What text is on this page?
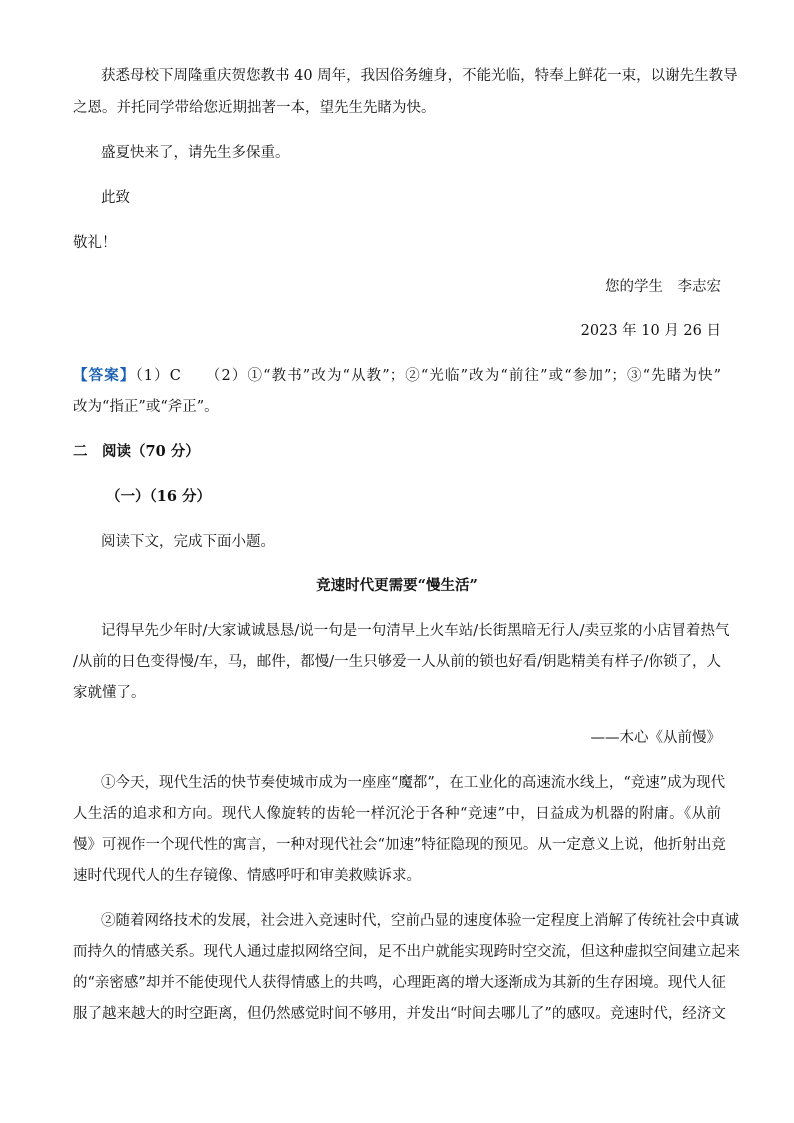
获悉母校下周隆重庆贺您教书 40 周年，我因俗务缠身，不能光临，特奉上鲜花一束，以谢先生教导
之恩。并托同学带给您近期拙著一本，望先生先睹为快。
盛夏快来了，请先生多保重。
此致
敬礼！
您的学生　李志宏
2023 年 10 月 26 日
【答案】（1）C　　（2）①“教书”改为“从教”；②“光临”改为“前往”或“参加”；③“先睹为快”
改为“指正”或“斧正”。
二　阅读（70 分）
（一）（16 分）
阅读下文，完成下面小题。
竞速时代更需要“慢生活”
记得早先少年时/大家诚诚恳恳/说一句是一句清早上火车站/长街黑暗无行人/卖豆浆的小店冒着热气
/从前的日色变得慢/车，马，邮件，都慢/一生只够爱一人从前的锁也好看/钥匙精美有样子/你锁了，人
家就懂了。
——木心《从前慢》
①今天，现代生活的快节奏使城市成为一座座“魔都”，在工业化的高速流水线上，“竞速”成为现代
人生活的追求和方向。现代人像旋转的齿轮一样沉沦于各种“竞速”中，日益成为机器的附庸。《从前
慢》可视作一个现代性的寓言，一种对现代社会“加速”特征隐现的预见。从一定意义上说，他折射出竞
速时代现代人的生存镜像、情感呼吁和审美救赎诉求。
②随着网络技术的发展，社会进入竞速时代，空前凸显的速度体验一定程度上消解了传统社会中真诚
而持久的情感关系。现代人通过虚拟网络空间，足不出户就能实现跨时空交流，但这种虚拟空间建立起来
的“亲密感”却并不能使现代人获得情感上的共鸣，心理距离的增大逐渐成为其新的生存困境。现代人征
服了越来越大的时空距离，但仍然感觉时间不够用，并发出“时间去哪儿了”的感叹。竞速时代，经济文
